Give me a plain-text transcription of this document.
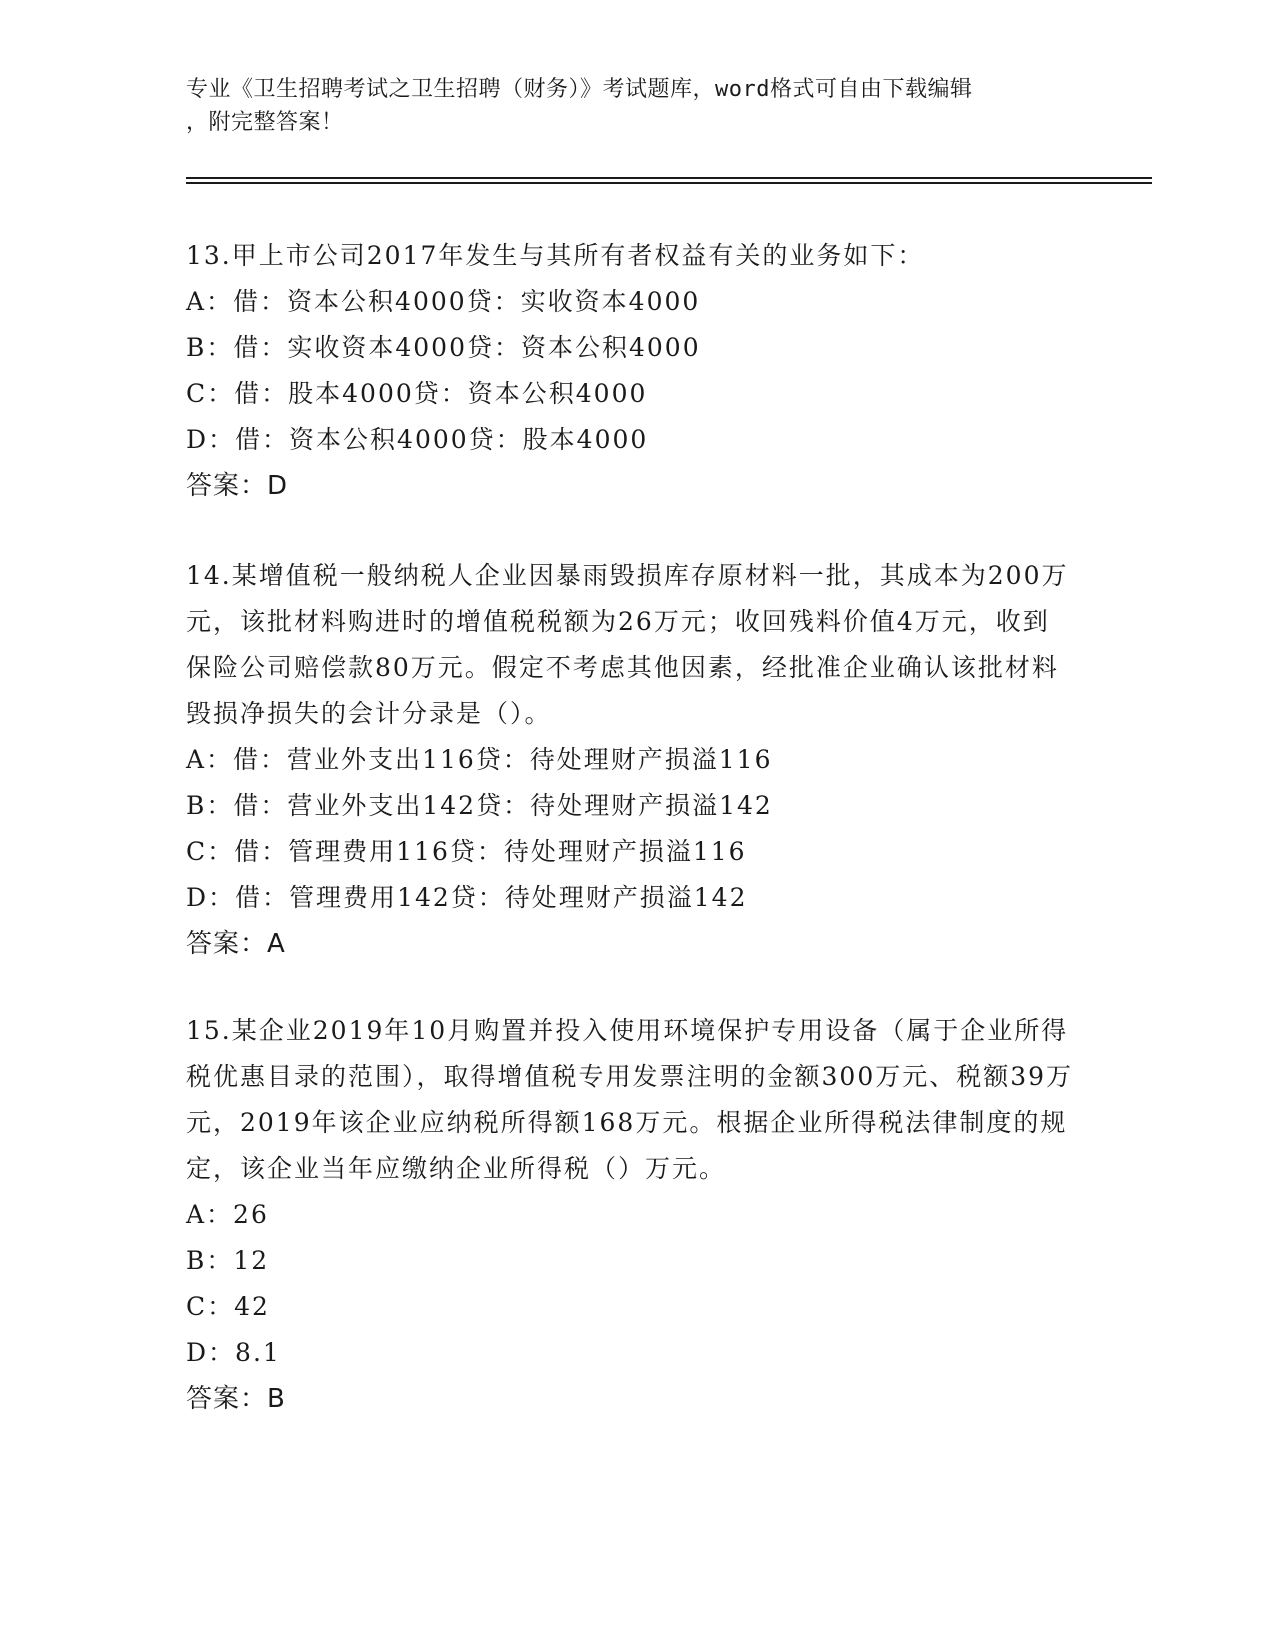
专业《卫生招聘考试之卫生招聘（财务）》考试题库，word格式可自由下载编辑
，附完整答案！

13.甲上市公司2017年发生与其所有者权益有关的业务如下：

A：借：资本公积4000贷：实收资本4000

B：借：实收资本4000贷：资本公积4000

C：借：股本4000贷：资本公积4000

D：借：资本公积4000贷：股本4000

答案：D

14.某增值税一般纳税人企业因暴雨毁损库存原材料一批，其成本为200万元，该批材料购进时的增值税税额为26万元；收回残料价值4万元，收到保险公司赔偿款80万元。假定不考虑其他因素，经批准企业确认该批材料毁损净损失的会计分录是（）。

A：借：营业外支出116贷：待处理财产损溢116

B：借：营业外支出142贷：待处理财产损溢142

C：借：管理费用116贷：待处理财产损溢116

D：借：管理费用142贷：待处理财产损溢142

答案：A

15.某企业2019年10月购置并投入使用环境保护专用设备（属于企业所得税优惠目录的范围），取得增值税专用发票注明的金额300万元、税额39万元，2019年该企业应纳税所得额168万元。根据企业所得税法律制度的规定，该企业当年应缴纳企业所得税（）万元。

A：26

B：12

C：42

D：8.1

答案：B
